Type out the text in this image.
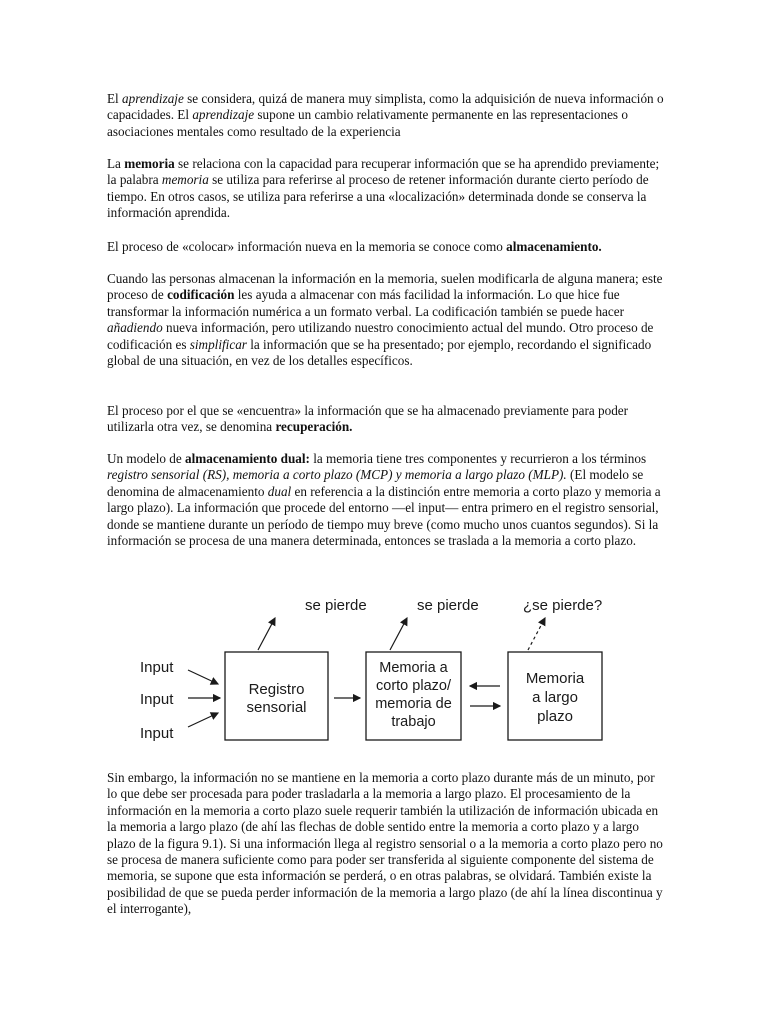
El aprendizaje se considera, quizá de manera muy simplista, como la adquisición de nueva información o capacidades. El aprendizaje supone un cambio relativamente permanente en las representaciones o asociaciones mentales como resultado de la experiencia

La memoria se relaciona con la capacidad para recuperar información que se ha aprendido previamente; la palabra memoria se utiliza para referirse al proceso de retener información durante cierto período de tiempo. En otros casos, se utiliza para referirse a una «localización» determinada donde se conserva la información aprendida.

El proceso de «colocar» información nueva en la memoria se conoce como almacenamiento.

Cuando las personas almacenan la información en la memoria, suelen modificarla de alguna manera; este proceso de codificación les ayuda a almacenar con más facilidad la información. Lo que hice fue transformar la información numérica a un formato verbal. La codificación también se puede hacer añadiendo nueva información, pero utilizando nuestro conocimiento actual del mundo. Otro proceso de codificación es simplificar la información que se ha presentado; por ejemplo, recordando el significado global de una situación, en vez de los detalles específicos.

El proceso por el que se «encuentra» la información que se ha almacenado previamente para poder utilizarla otra vez, se denomina recuperación.

Un modelo de almacenamiento dual: la memoria tiene tres componentes y recurrieron a los términos registro sensorial (RS), memoria a corto plazo (MCP) y memoria a largo plazo (MLP). (El modelo se denomina de almacenamiento dual en referencia a la distinción entre memoria a corto plazo y memoria a largo plazo). La información que procede del entorno —el input— entra primero en el registro sensorial, donde se mantiene durante un período de tiempo muy breve (como mucho unos cuantos segundos). Si la información se procesa de una manera determinada, entonces se traslada a la memoria a corto plazo.

se pierde	se pierde	¿se pierde?
Input
Input
Input
Registro
sensorial
Memoria a
corto plazo/
memoria de
trabajo
Memoria
a largo
plazo

Sin embargo, la información no se mantiene en la memoria a corto plazo durante más de un minuto, por lo que debe ser procesada para poder trasladarla a la memoria a largo plazo. El procesamiento de la información en la memoria a corto plazo suele requerir también la utilización de información ubicada en la memoria a largo plazo (de ahí las flechas de doble sentido entre la memoria a corto plazo y a largo plazo de la figura 9.1). Si una información llega al registro sensorial o a la memoria a corto plazo pero no se procesa de manera suficiente como para poder ser transferida al siguiente componente del sistema de memoria, se supone que esta información se perderá, o en otras palabras, se olvidará. También existe la posibilidad de que se pueda perder información de la memoria a largo plazo (de ahí la línea discontinua y el interrogante),
